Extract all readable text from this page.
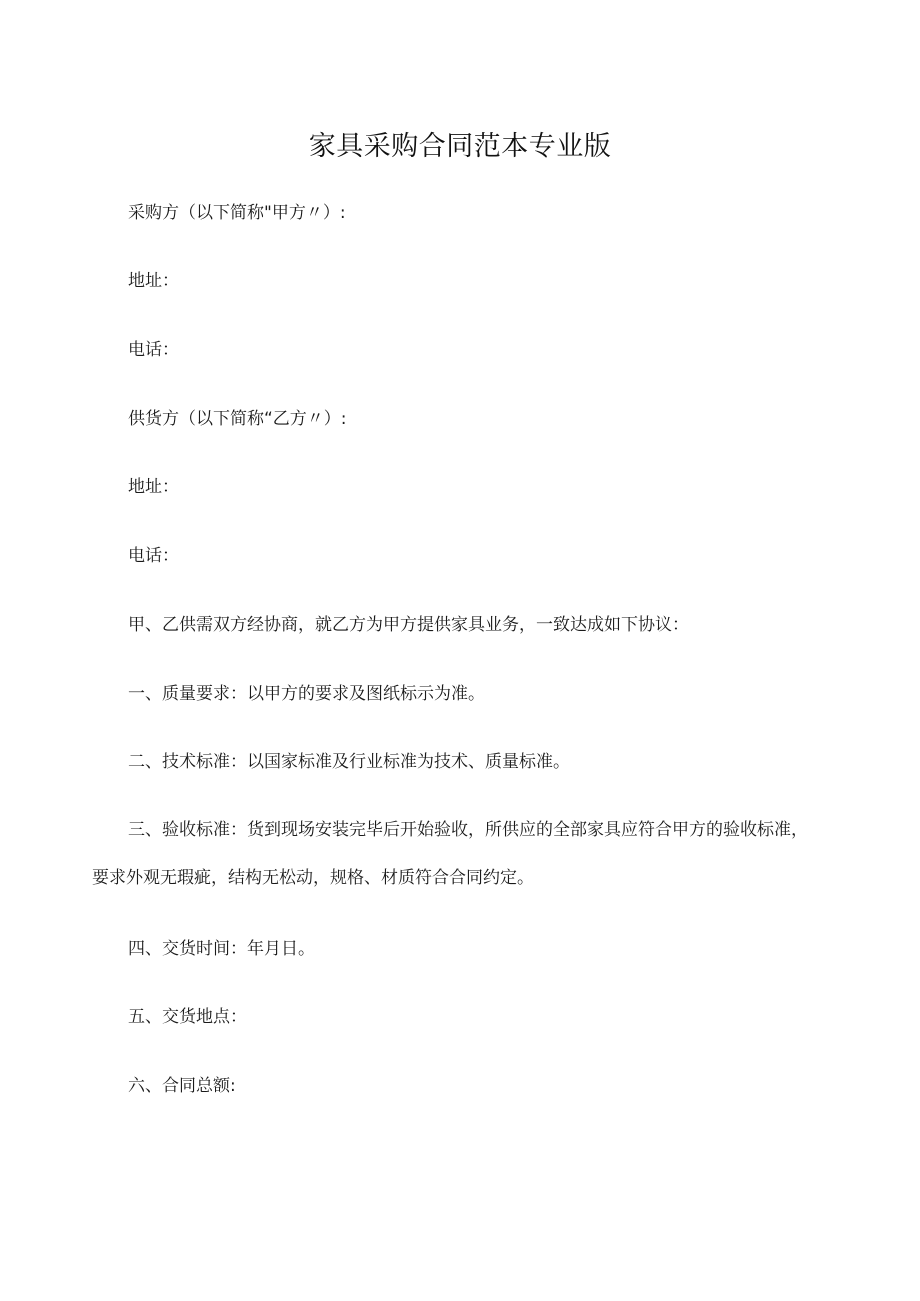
家具采购合同范本专业版
采购方（以下简称"甲方〃）:
地址：
电话：
供货方（以下简称“乙方〃）:
地址：
电话：
甲、乙供需双方经协商，就乙方为甲方提供家具业务，一致达成如下协议：
一、质量要求：以甲方的要求及图纸标示为准。
二、技术标准：以国家标准及行业标准为技术、质量标准。
三、验收标准：货到现场安装完毕后开始验收，所供应的全部家具应符合甲方的验收标准，要求外观无瑕疵，结构无松动，规格、材质符合合同约定。
四、交货时间：年月日。
五、交货地点：
六、合同总额:
